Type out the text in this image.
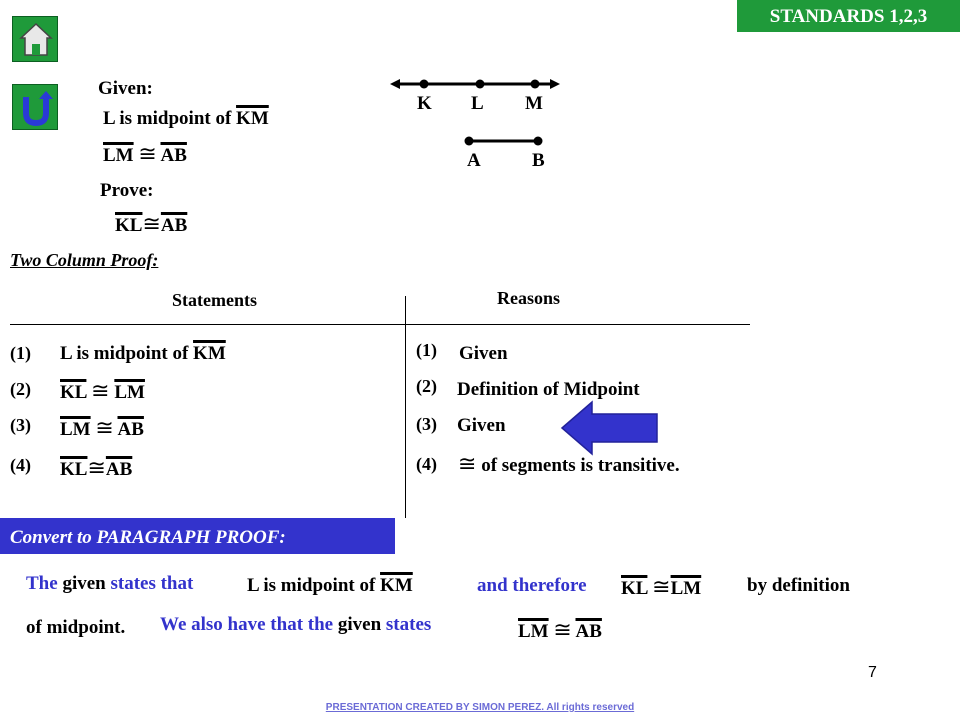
STANDARDS 1,2,3
Given:
L is midpoint of $\overline{KM}$
$\overline{LM}$ ≅ $\overline{AB}$
Prove:
$\overline{KL}≅\overline{AB}$
K L M
A	B
Two Column Proof:
Statements	Reasons
(1) L is midpoint of $\overline{KM}$	(1) Given
(2) $\overline{KL}$ ≅ $\overline{LM}$	(2) Definition of Midpoint
(3) $\overline{LM}$ ≅ $\overline{AB}$	(3) Given
(4) $\overline{KL}≅\overline{AB}$	(4) ≅ of segments is transitive.
Convert to PARAGRAPH PROOF:
The given states that	L is midpoint of $\overline{KM}$	and therefore $\overline{KL}$ $≅\overline{LM}$ by definition
of midpoint. We also have that the given states	$\overline{LM}$ ≅ $\overline{AB}$
7
PRESENTATION CREATED BY SIMON PEREZ. All rights reserved
